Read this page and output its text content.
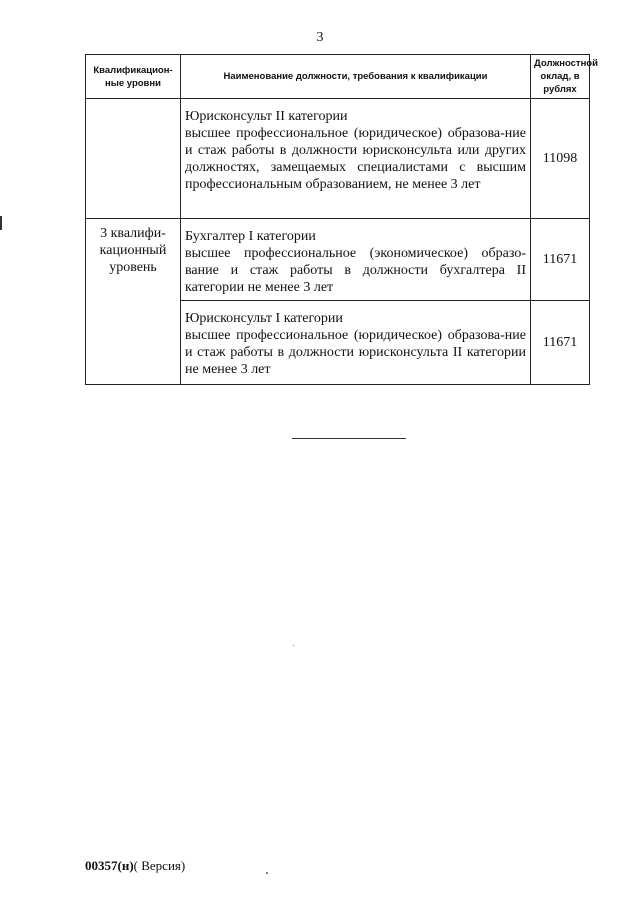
3
Квалификацион-ные уровни	Наименование должности, требования к квалификации	Должностной оклад, в рублях

	Юрисконсульт II категории
высшее профессиональное (юридическое) образова-ние и стаж работы в должности юрисконсульта или других должностях, замещаемых специалистами с высшим профессиональным образованием, не менее 3 лет	11098
3 квалифи-кационный уровень	Бухгалтер I категории
высшее профессиональное (экономическое) образо-вание и стаж работы в должности бухгалтера II категории не менее 3 лет	11671

	Юрисконсульт I категории
высшее профессиональное (юридическое) образова-ние и стаж работы в должности юрисконсульта II категории не менее 3 лет	11671
00357(н)( Версия)
